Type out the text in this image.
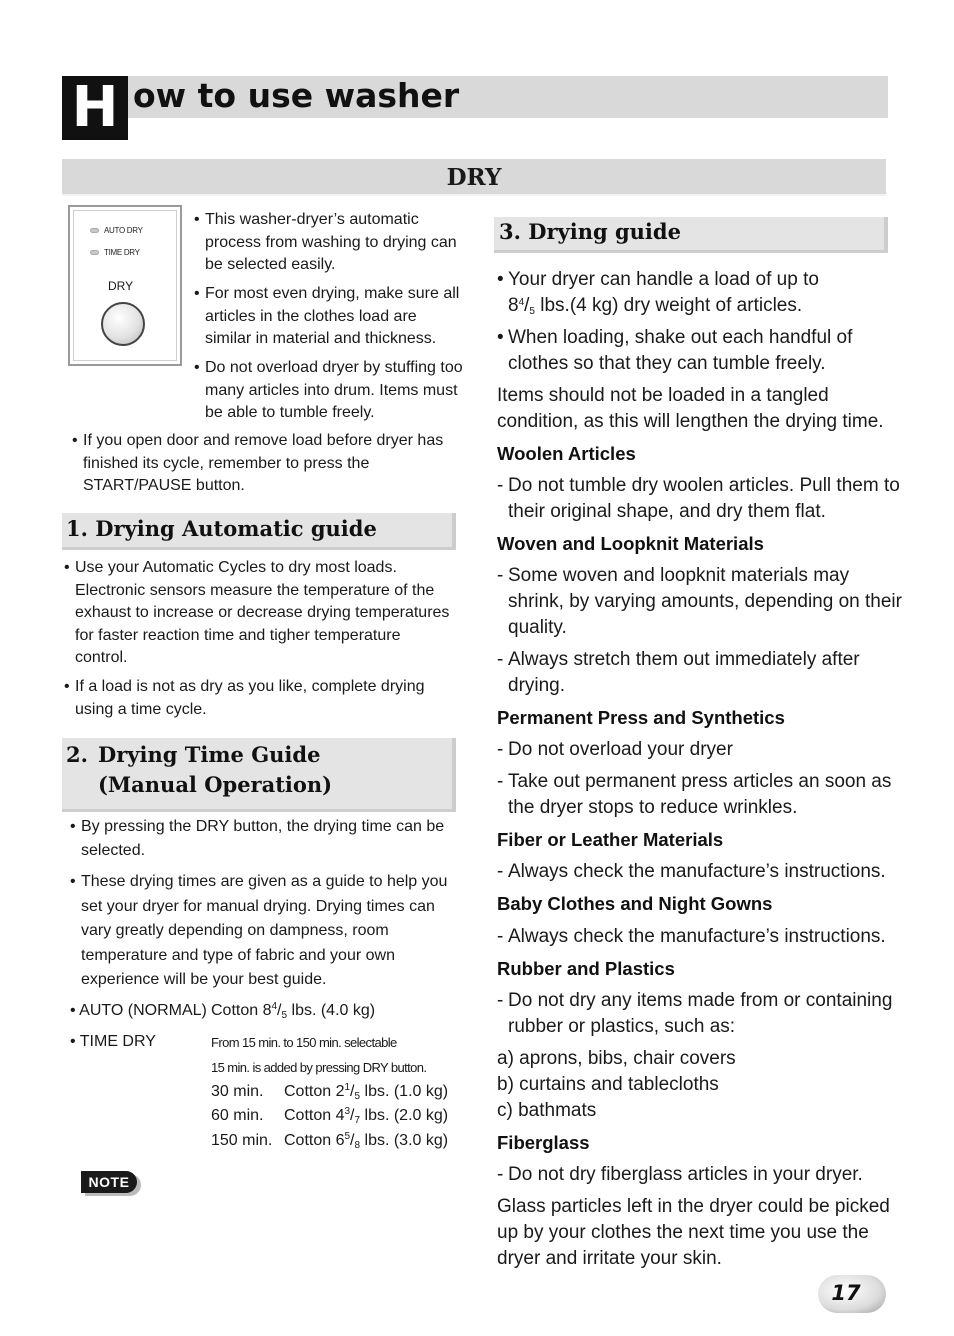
H ow to use washer
DRY
AUTO DRY
TIME DRY
DRY
• This washer-dryer’s automatic process from washing to drying can be selected easily.
• For most even drying, make sure all articles in the clothes load are similar in material and thickness.
• Do not overload dryer by stuffing too many articles into drum. Items must be able to tumble freely.
• If you open door and remove load before dryer has finished its cycle, remember to press the START/PAUSE button.
1. Drying Automatic guide
• Use your Automatic Cycles to dry most loads. Electronic sensors measure the temperature of the exhaust to increase or decrease drying temperatures for faster reaction time and tigher temperature control.
• If a load is not as dry as you like, complete drying using a time cycle.
2. Drying Time Guide
(Manual Operation)
• By pressing the DRY button, the drying time can be selected.
• These drying times are given as a guide to help you set your dryer for manual drying. Drying times can vary greatly depending on dampness, room temperature and type of fabric and your own experience will be your best guide.
• AUTO (NORMAL) Cotton $8^4/_5$ lbs. (4.0 kg)
• TIME DRY	From 15 min. to 150 min. selectable
15 min. is added by pressing DRY button.
30 min. Cotton $2^1/_5$ lbs. (1.0 kg)
60 min. Cotton $4^3/_7$ lbs. (2.0 kg)
150 min. Cotton $6^5/_8$ lbs. (3.0 kg)
NOTE
3. Drying guide
• Your dryer can handle a load of up to
$8^4/_5$ lbs.(4 kg) dry weight of articles.
• When loading, shake out each handful of clothes so that they can tumble freely.
Items should not be loaded in a tangled condition, as this will lengthen the drying time.
Woolen Articles
- Do not tumble dry woolen articles. Pull them to their original shape, and dry them flat.
Woven and Loopknit Materials
- Some woven and loopknit materials may shrink, by varying amounts, depending on their quality.
- Always stretch them out immediately after drying.
Permanent Press and Synthetics
- Do not overload your dryer
- Take out permanent press articles an soon as the dryer stops to reduce wrinkles.
Fiber or Leather Materials
- Always check the manufacture’s instructions.
Baby Clothes and Night Gowns
- Always check the manufacture’s instructions.
Rubber and Plastics
- Do not dry any items made from or containing rubber or plastics, such as:
a) aprons, bibs, chair covers
b) curtains and tablecloths
c) bathmats
Fiberglass
- Do not dry fiberglass articles in your dryer.
Glass particles left in the dryer could be picked up by your clothes the next time you use the dryer and irritate your skin.
17
